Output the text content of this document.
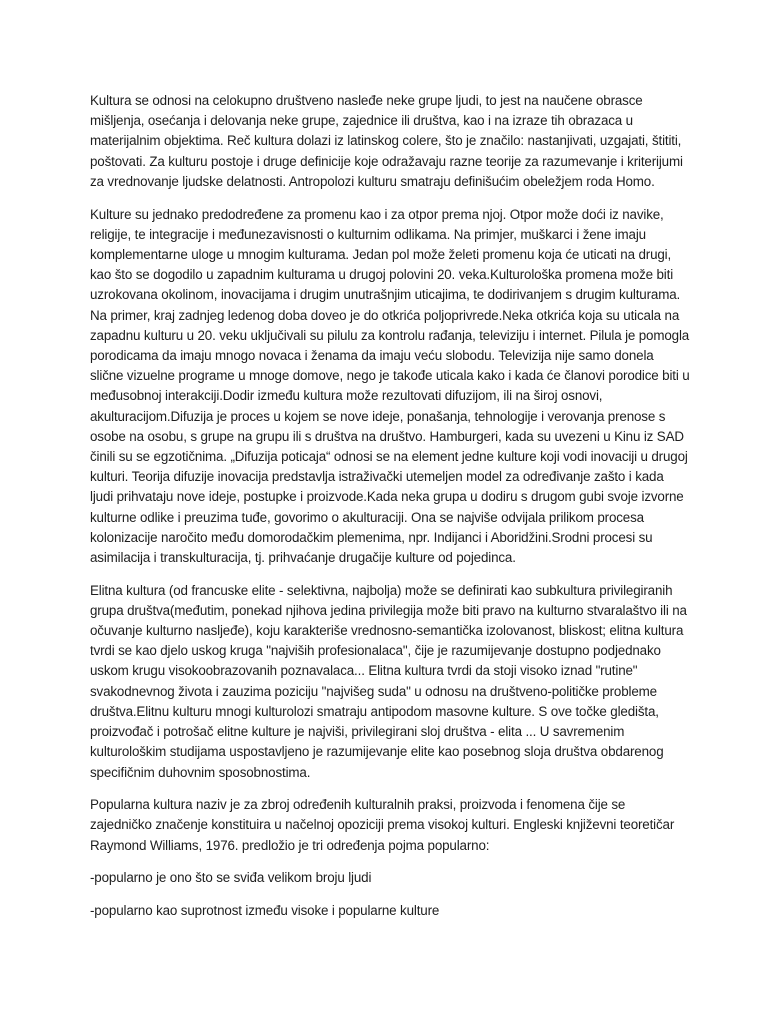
Kultura se odnosi na celokupno društveno nasleđe neke grupe ljudi, to jest na naučene obrasce mišljenja, osećanja i delovanja neke grupe, zajednice ili društva, kao i na izraze tih obrazaca u materijalnim objektima. Reč kultura dolazi iz latinskog colere, što je značilo: nastanjivati, uzgajati, štititi, poštovati. Za kulturu postoje i druge definicije koje odražavaju razne teorije za razumevanje i kriterijumi za vrednovanje ljudske delatnosti. Antropolozi kulturu smatraju definišućim obeležjem roda Homo.

Kulture su jednako predodređene za promenu kao i za otpor prema njoj. Otpor može doći iz navike, religije, te integracije i međunezavisnosti o kulturnim odlikama. Na primjer, muškarci i žene imaju komplementarne uloge u mnogim kulturama. Jedan pol može želeti promenu koja će uticati na drugi, kao što se dogodilo u zapadnim kulturama u drugoj polovini 20. veka.Kulturološka promena može biti uzrokovana okolinom, inovacijama i drugim unutrašnjim uticajima, te dodirivanjem s drugim kulturama. Na primer, kraj zadnjeg ledenog doba doveo je do otkrića poljoprivrede.Neka otkrića koja su uticala na zapadnu kulturu u 20. veku uključivali su pilulu za kontrolu rađanja, televiziju i internet. Pilula je pomogla porodicama da imaju mnogo novaca i ženama da imaju veću slobodu. Televizija nije samo donela slične vizuelne programe u mnoge domove, nego je takođe uticala kako i kada će članovi porodice biti u međusobnoj interakciji.Dodir između kultura može rezultovati difuzijom, ili na široj osnovi, akulturacijom.Difuzija je proces u kojem se nove ideje, ponašanja, tehnologije i verovanja prenose s osobe na osobu, s grupe na grupu ili s društva na društvo. Hamburgeri, kada su uvezeni u Kinu iz SAD činili su se egzotičnima. „Difuzija poticaja“ odnosi se na element jedne kulture koji vodi inovaciji u drugoj kulturi. Teorija difuzije inovacija predstavlja istraživački utemeljen model za određivanje zašto i kada ljudi prihvataju nove ideje, postupke i proizvode.Kada neka grupa u dodiru s drugom gubi svoje izvorne kulturne odlike i preuzima tuđe, govorimo o akulturaciji. Ona se najviše odvijala prilikom procesa kolonizacije naročito među domorodačkim plemenima, npr. Indijanci i Aboridžini.Srodni procesi su asimilacija i transkulturacija, tj. prihvaćanje drugačije kulture od pojedinca.

Elitna kultura (od francuske elite - selektivna, najbolja) može se definirati kao subkultura privilegiranih grupa društva(međutim, ponekad njihova jedina privilegija može biti pravo na kulturno stvaralaštvo ili na očuvanje kulturno nasljeđe), koju karakteriše vrednosno-semantička izolovanost, bliskost; elitna kultura tvrdi se kao djelo uskog kruga "najviših profesionalaca", čije je razumijevanje dostupno podjednako uskom krugu visokoobrazovanih poznavalaca... Elitna kultura tvrdi da stoji visoko iznad "rutine" svakodnevnog života i zauzima poziciju "najvišeg suda" u odnosu na društveno-političke probleme društva.Elitnu kulturu mnogi kulturolozi smatraju antipodom masovne kulture. S ove točke gledišta, proizvođač i potrošač elitne kulture je najviši, privilegirani sloj društva - elita ... U savremenim kulturološkim studijama uspostavljeno je razumijevanje elite kao posebnog sloja društva obdarenog specifičnim duhovnim sposobnostima.

Popularna kultura naziv je za zbroj određenih kulturalnih praksi, proizvoda i fenomena čije se zajedničko značenje konstituira u načelnoj opoziciji prema visokoj kulturi. Engleski književni teoretičar Raymond Williams, 1976. predložio je tri određenja pojma popularno:

-popularno je ono što se sviđa velikom broju ljudi

-popularno kao suprotnost između visoke i popularne kulture
